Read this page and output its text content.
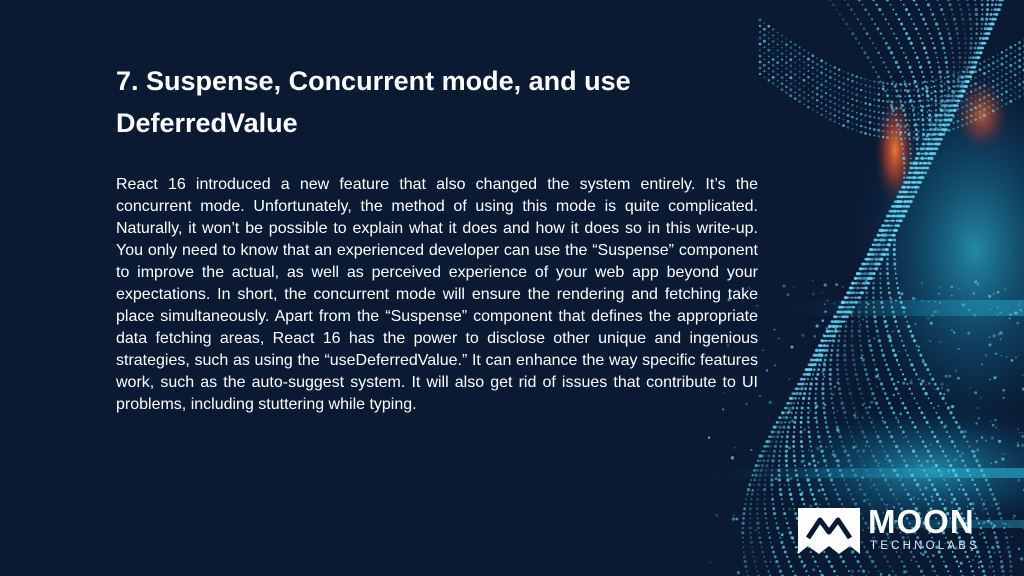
7. Suspense, Concurrent mode, and use DeferredValue

React 16 introduced a new feature that also changed the system entirely. It’s the concurrent mode. Unfortunately, the method of using this mode is quite complicated. Naturally, it won’t be possible to explain what it does and how it does so in this write-up. You only need to know that an experienced developer can use the “Suspense” component to improve the actual, as well as perceived experience of your web app beyond your expectations. In short, the concurrent mode will ensure the rendering and fetching take place simultaneously. Apart from the “Suspense” component that defines the appropriate data fetching areas, React 16 has the power to disclose other unique and ingenious strategies, such as using the “useDeferredValue.” It can enhance the way specific features work, such as the auto-suggest system. It will also get rid of issues that contribute to UI problems, including stuttering while typing.

MOON
TECHNOLABS
